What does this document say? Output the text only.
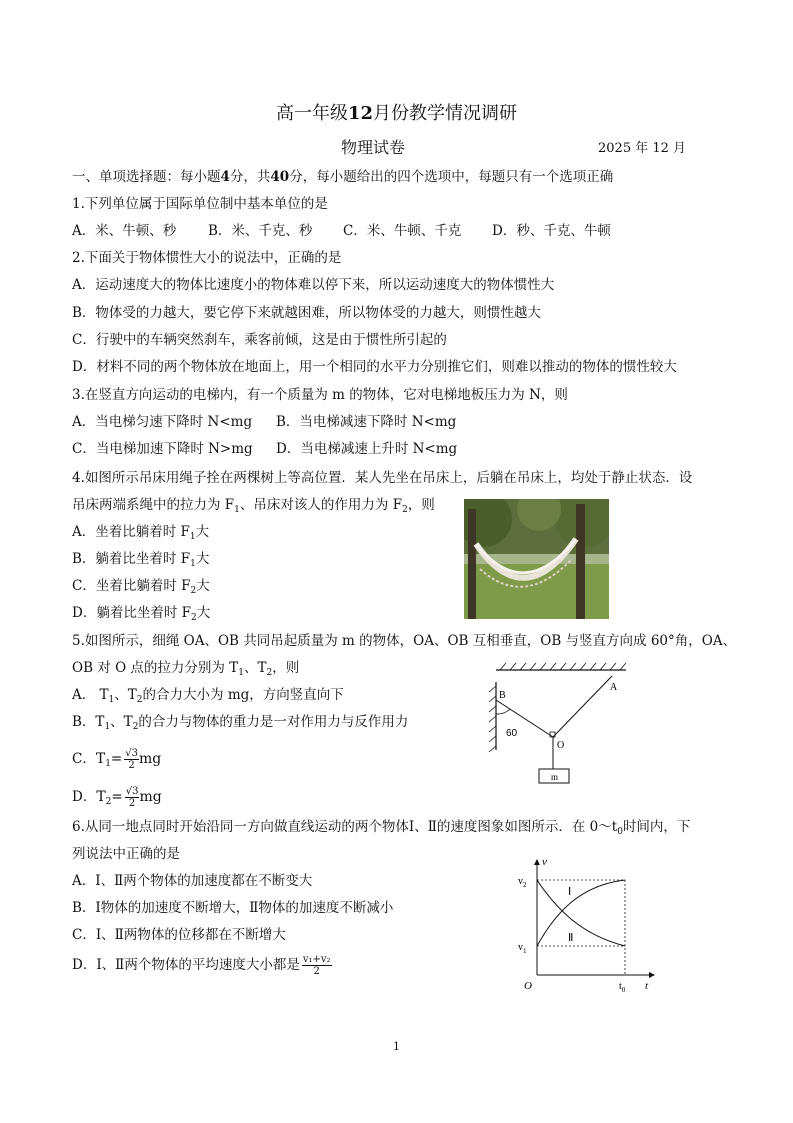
高一年级12月份教学情况调研
物理试卷	2025 年 12 月
一、单项选择题：每小题4分，共40分，每小题给出的四个选项中，每题只有一个选项正确
1.下列单位属于国际单位制中基本单位的是
A．米、牛顿、秒 B．米、千克、秒 C．米、牛顿、千克 D．秒、千克、牛顿
2.下面关于物体惯性大小的说法中，正确的是
A．运动速度大的物体比速度小的物体难以停下来，所以运动速度大的物体惯性大
B．物体受的力越大，要它停下来就越困难，所以物体受的力越大，则惯性越大
C．行驶中的车辆突然刹车，乘客前倾，这是由于惯性所引起的
D．材料不同的两个物体放在地面上，用一个相同的水平力分别推它们，则难以推动的物体的惯性较大
3.在竖直方向运动的电梯内，有一个质量为 m 的物体，它对电梯地板压力为 N，则
A．当电梯匀速下降时 N<mg B．当电梯减速下降时 N<mg
C．当电梯加速下降时 N>mg D．当电梯减速上升时 N<mg
4.如图所示吊床用绳子拴在两棵树上等高位置．某人先坐在吊床上，后躺在吊床上，均处于静止状态．设
吊床两端系绳中的拉力为 $F_1$、吊床对该人的作用力为 $F_2$，则
A．坐着比躺着时 $F_1$大
B．躺着比坐着时 $F_1$大
C．坐着比躺着时 $F_2$大
D．躺着比坐着时 $F_2$大
5.如图所示，细绳 OA、OB 共同吊起质量为 m 的物体，OA、OB 互相垂直，OB 与竖直方向成 60°角，OA、
OB 对 O 点的拉力分别为 $T_1$、$T_2$，则
A． $T_1$、$T_2$的合力大小为 mg，方向竖直向下
B．$T_1$、$T_2$的合力与物体的重力是一对作用力与反作用力
C．$T_1= \frac{√3}{2}$ mg
D．$T_2= \frac{√3}{2}$ mg
B
A
O
60
m
6.从同一地点同时开始沿同一方向做直线运动的两个物体Ⅰ、Ⅱ的速度图象如图所示．在 $0\sim t_0$时间内，下
列说法中正确的是
A．Ⅰ、Ⅱ两个物体的加速度都在不断变大
B．Ⅰ物体的加速度不断增大，Ⅱ物体的加速度不断减小
C．Ⅰ、Ⅱ两物体的位移都在不断增大
D．Ⅰ、Ⅱ两个物体的平均速度大小都是 $\frac{\text{v₁+v₂}}{2}$
v
t
O
$v_2$
$v_1$
$t_0$
Ⅰ
Ⅱ
1
